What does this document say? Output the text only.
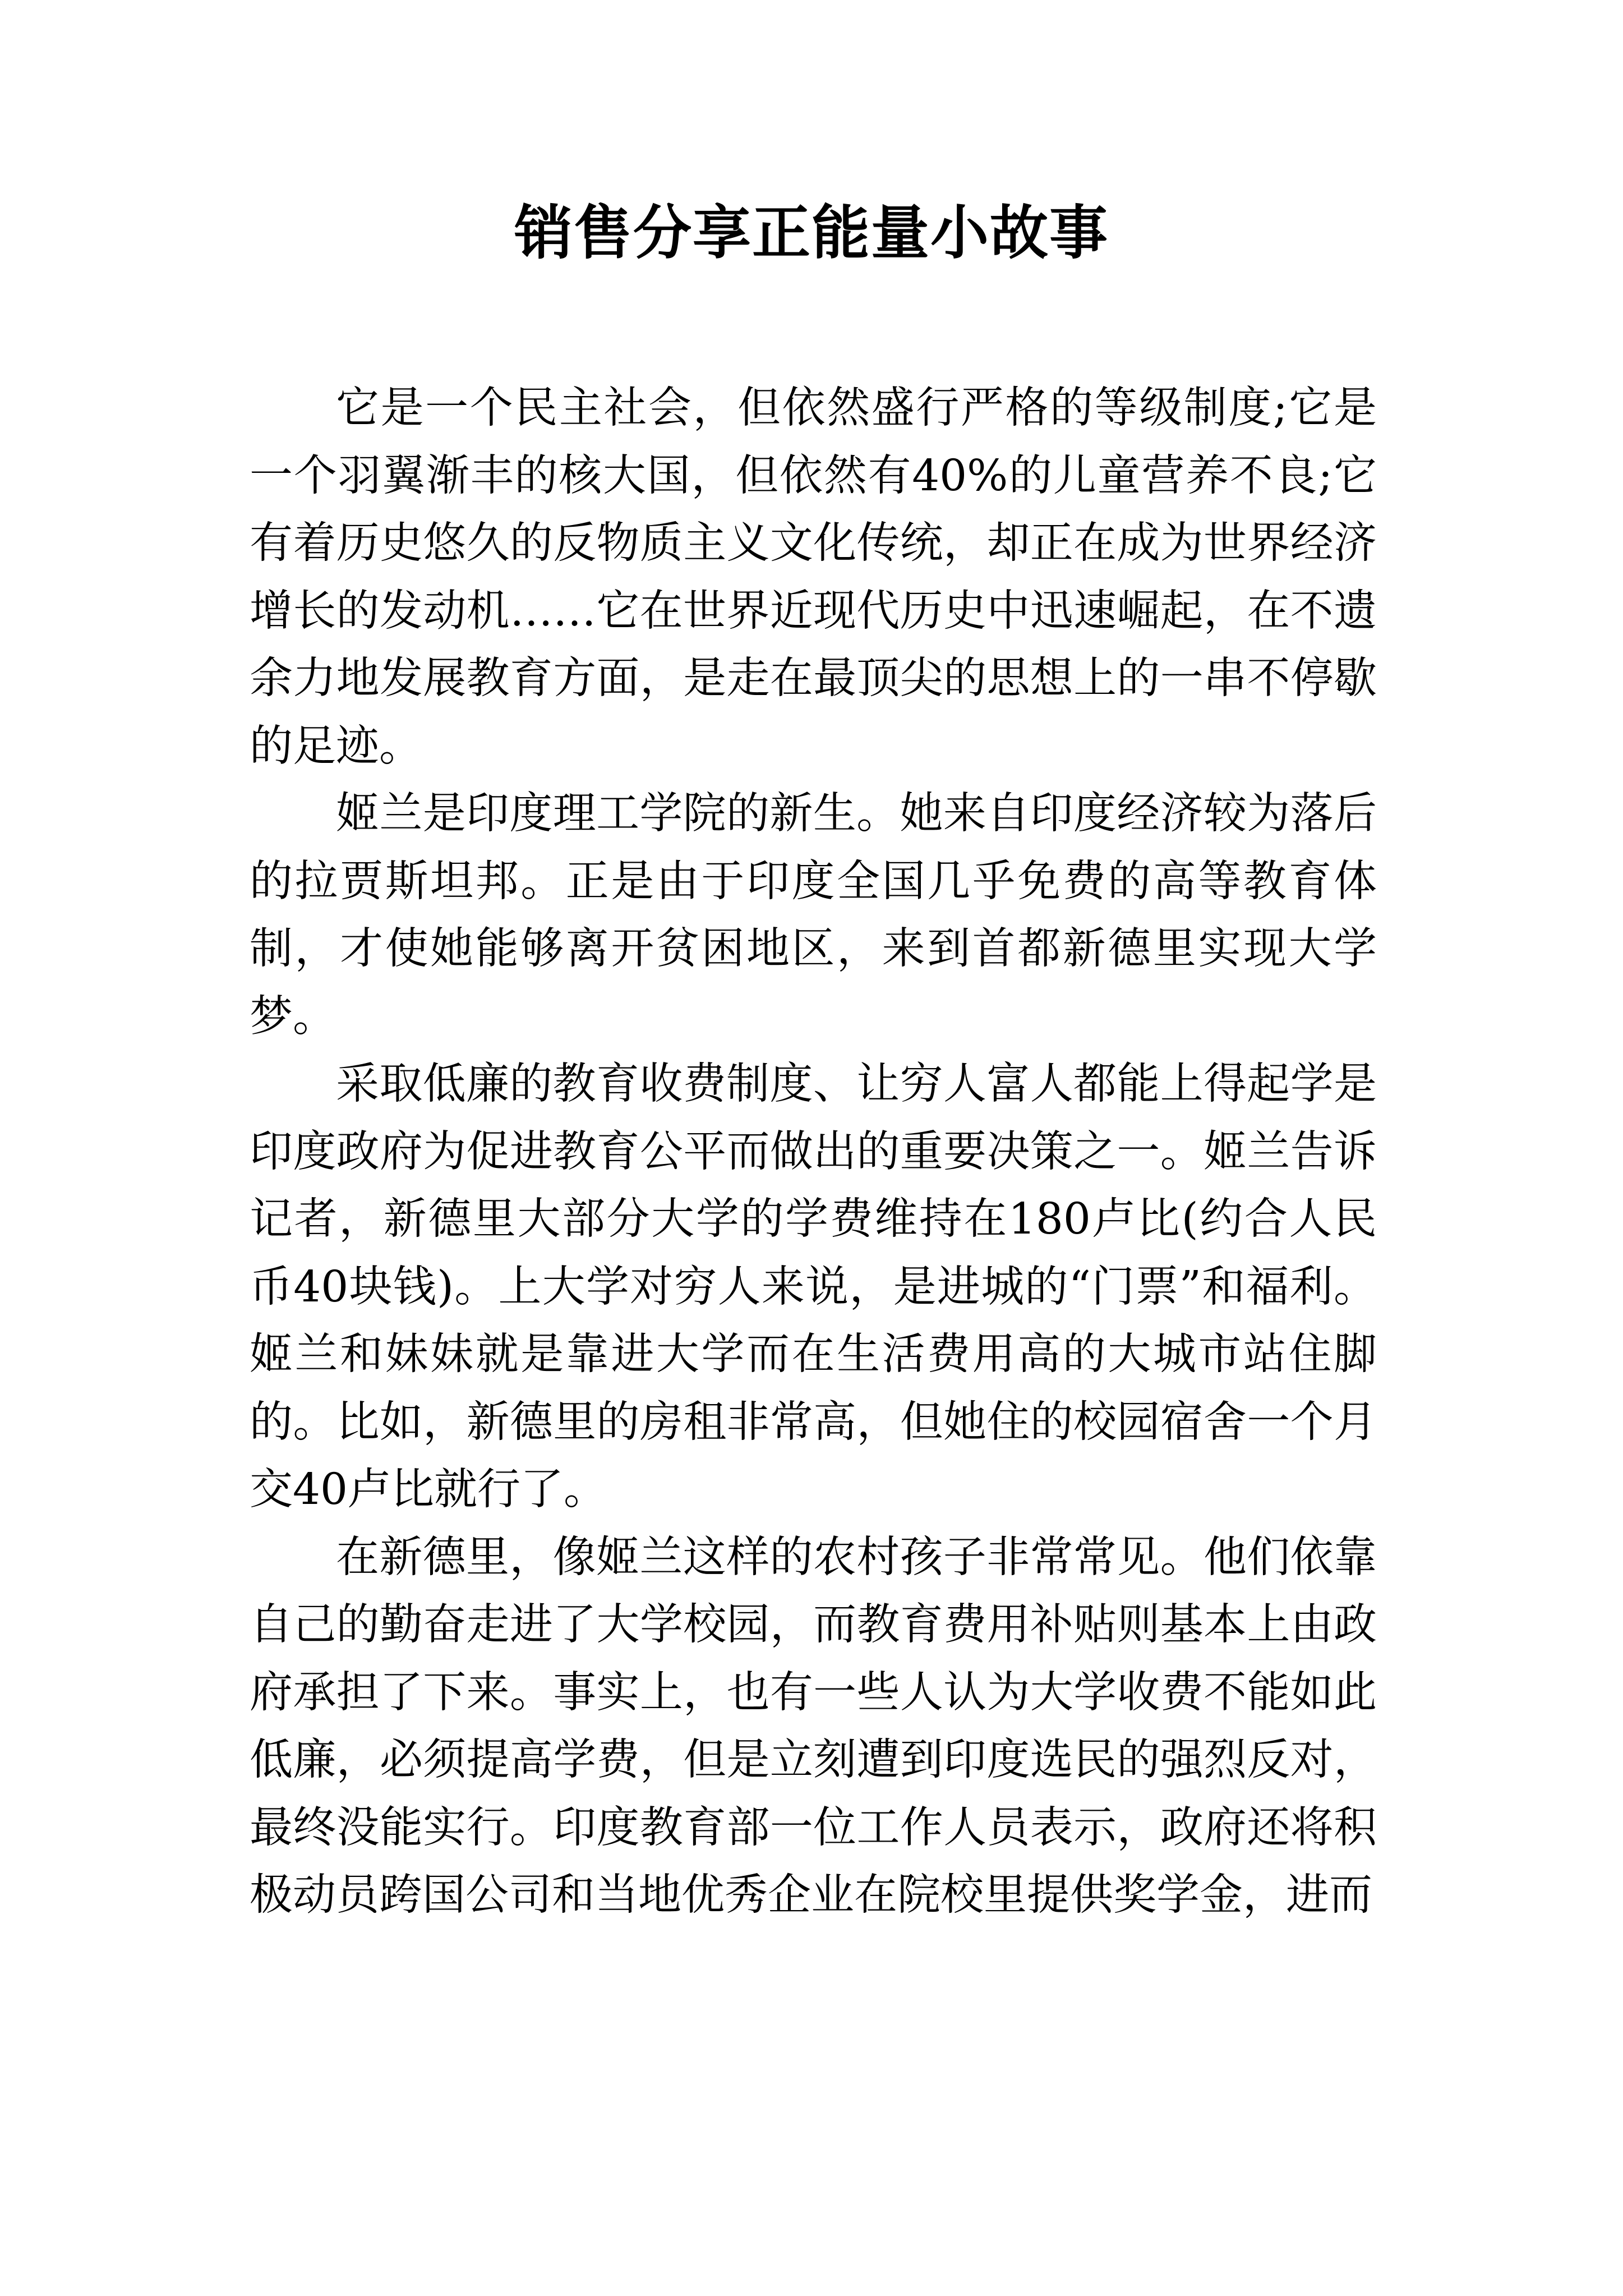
销售分享正能量小故事

它是一个民主社会，但依然盛行严格的等级制度;它是一个羽翼渐丰的核大国，但依然有40%的儿童营养不良;它有着历史悠久的反物质主义文化传统，却正在成为世界经济增长的发动机……它在世界近现代历史中迅速崛起，在不遗余力地发展教育方面，是走在最顶尖的思想上的一串不停歇的足迹。

姬兰是印度理工学院的新生。她来自印度经济较为落后的拉贾斯坦邦。正是由于印度全国几乎免费的高等教育体制，才使她能够离开贫困地区，来到首都新德里实现大学梦。

采取低廉的教育收费制度、让穷人富人都能上得起学是印度政府为促进教育公平而做出的重要决策之一。姬兰告诉记者，新德里大部分大学的学费维持在180卢比(约合人民币40块钱)。上大学对穷人来说，是进城的“门票”和福利。姬兰和妹妹就是靠进大学而在生活费用高的大城市站住脚的。比如，新德里的房租非常高，但她住的校园宿舍一个月交40卢比就行了。

在新德里，像姬兰这样的农村孩子非常常见。他们依靠自己的勤奋走进了大学校园，而教育费用补贴则基本上由政府承担了下来。事实上，也有一些人认为大学收费不能如此低廉，必须提高学费，但是立刻遭到印度选民的强烈反对，最终没能实行。印度教育部一位工作人员表示，政府还将积极动员跨国公司和当地优秀企业在院校里提供奖学金，进而
